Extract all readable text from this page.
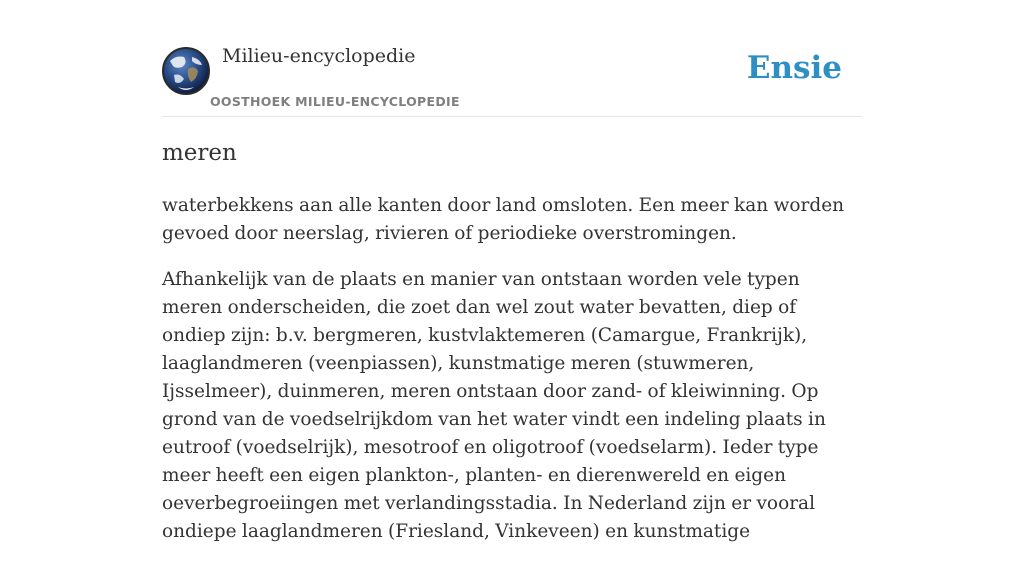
Milieu-encyclopedie
OOSTHOEK MILIEU-ENCYCLOPEDIE
Ensie
meren

waterbekkens aan alle kanten door land omsloten. Een meer kan worden gevoed door neerslag, rivieren of periodieke overstromingen.

Afhankelijk van de plaats en manier van ontstaan worden vele typen meren onderscheiden, die zoet dan wel zout water bevatten, diep of ondiep zijn: b.v. bergmeren, kustvlaktemeren (Camargue, Frankrijk), laaglandmeren (veenpiassen), kunstmatige meren (stuwmeren, Ijsselmeer), duinmeren, meren ontstaan door zand- of kleiwinning. Op grond van de voedselrijkdom van het water vindt een indeling plaats in eutroof (voedselrijk), mesotroof en oligotroof (voedselarm). Ieder type meer heeft een eigen plankton-, planten- en dierenwereld en eigen oeverbegroeiingen met verlandingsstadia. In Nederland zijn er vooral ondiepe laaglandmeren (Friesland, Vinkeveen) en kunstmatige
